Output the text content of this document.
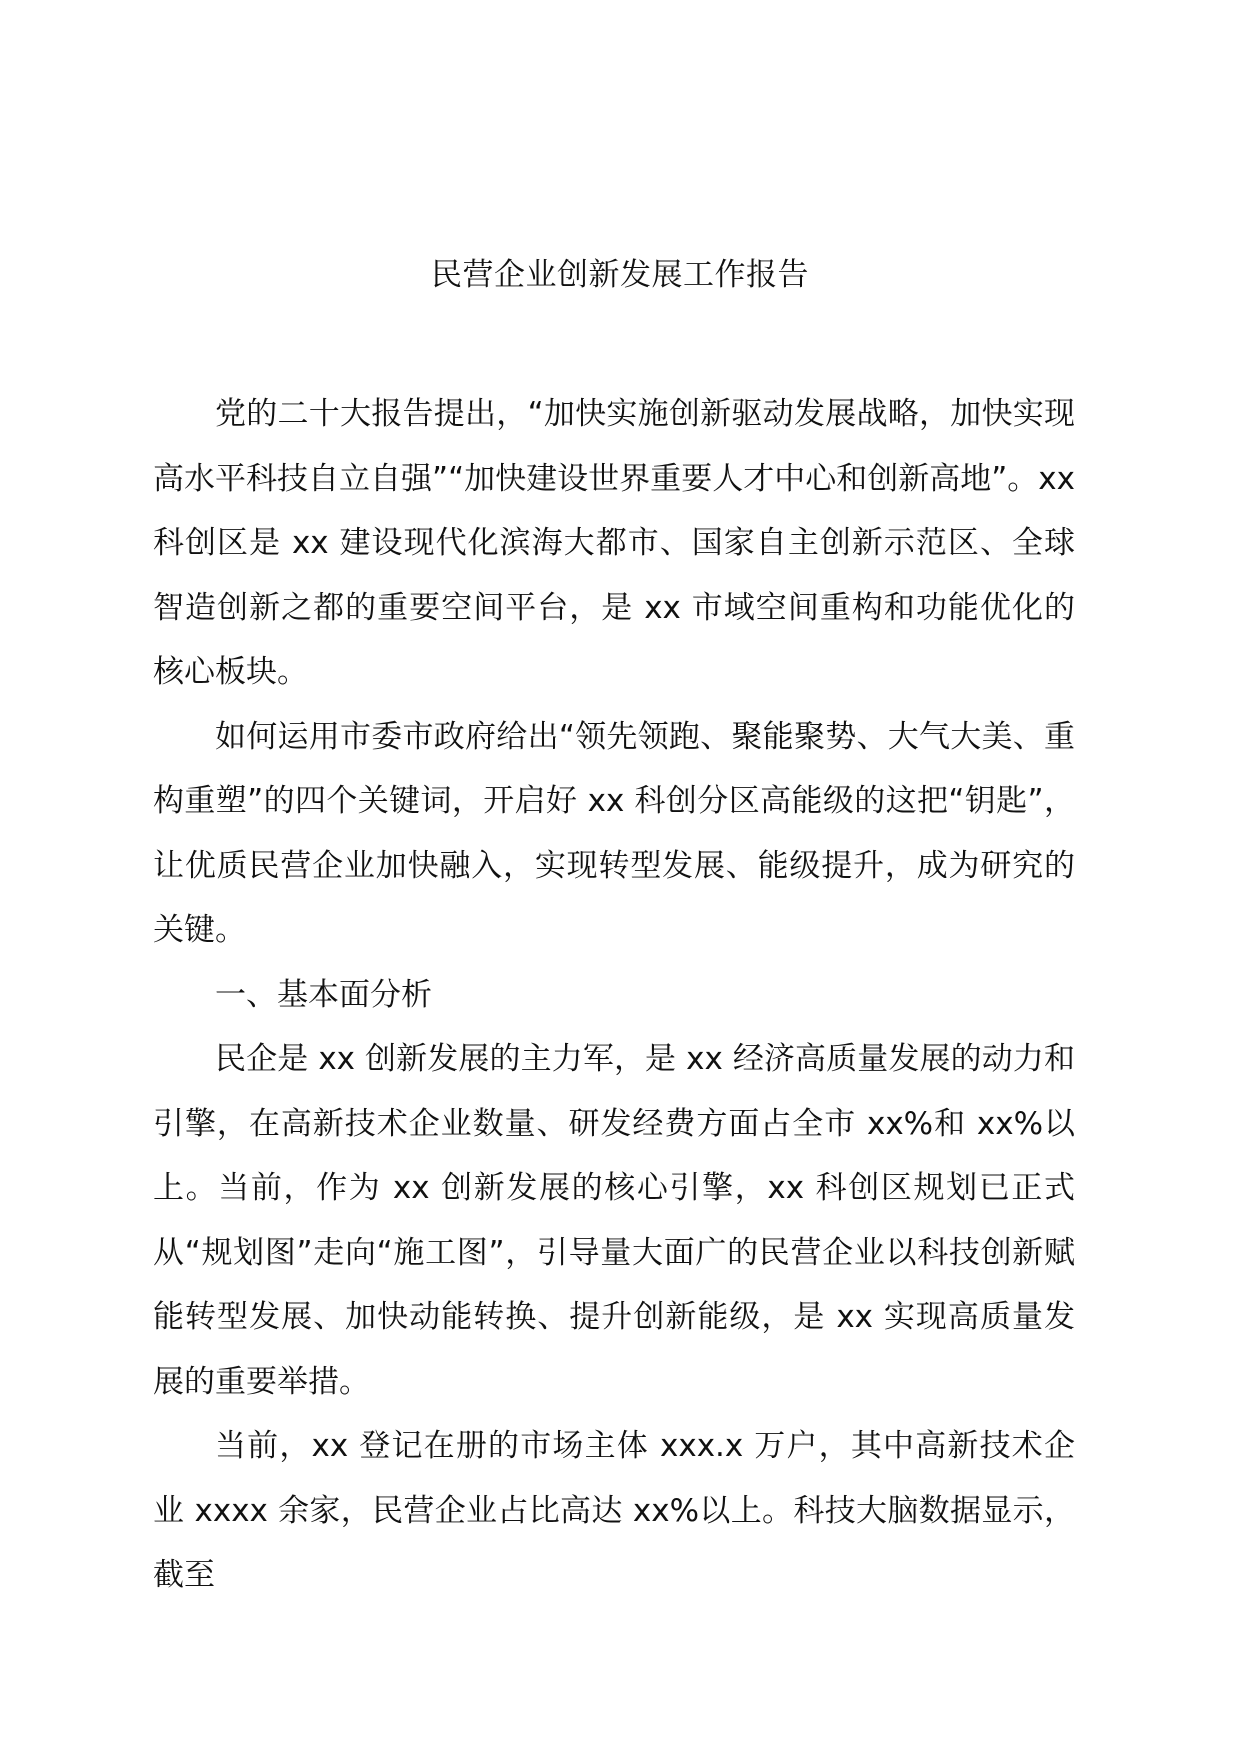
民营企业创新发展工作报告

党的二十大报告提出，“加快实施创新驱动发展战略，加快实现高水平科技自立自强”“加快建设世界重要人才中心和创新高地”。xx 科创区是 xx 建设现代化滨海大都市、国家自主创新示范区、全球智造创新之都的重要空间平台，是 xx 市域空间重构和功能优化的核心板块。

如何运用市委市政府给出“领先领跑、聚能聚势、大气大美、重构重塑”的四个关键词，开启好 xx 科创分区高能级的这把“钥匙”，让优质民营企业加快融入，实现转型发展、能级提升，成为研究的关键。

一、基本面分析

民企是 xx 创新发展的主力军，是 xx 经济高质量发展的动力和引擎，在高新技术企业数量、研发经费方面占全市 xx%和 xx%以上。当前，作为 xx 创新发展的核心引擎，xx 科创区规划已正式从“规划图”走向“施工图”，引导量大面广的民营企业以科技创新赋能转型发展、加快动能转换、提升创新能级，是 xx 实现高质量发展的重要举措。

当前，xx 登记在册的市场主体 xxx.x 万户，其中高新技术企业 xxxx 余家，民营企业占比高达 xx%以上。科技大脑数据显示，截至
